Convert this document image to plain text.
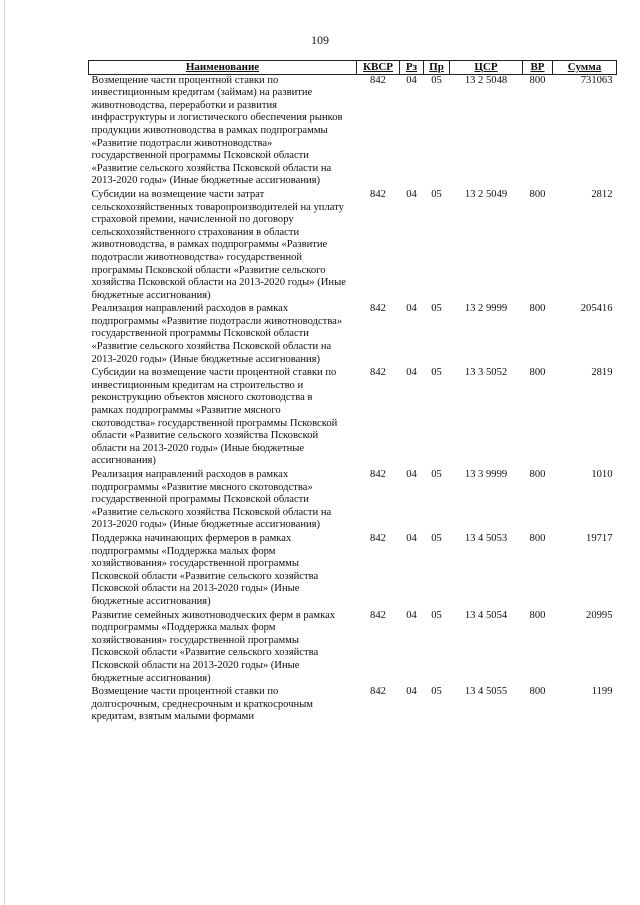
109
Наименование	КВСР	Рз	Пр	ЦСР	ВР	Сумма
Возмещение части процентной ставки по инвестиционным кредитам (займам) на развитие животноводства, переработки и развития инфраструктуры и логистического обеспечения рынков продукции животноводства в рамках подпрограммы «Развитие подотрасли животноводства» государственной программы Псковской области «Развитие сельского хозяйства Псковской области на 2013-2020 годы» (Иные бюджетные ассигнования)	842	04	05	13 2 5048	800	731063
Субсидии на возмещение части затрат сельскохозяйственных товаропроизводителей на уплату страховой премии, начисленной по договору сельскохозяйственного страхования в области животноводства, в рамках подпрограммы «Развитие подотрасли животноводства» государственной программы Псковской области «Развитие сельского хозяйства Псковской области на 2013-2020 годы» (Иные бюджетные ассигнования)	842	04	05	13 2 5049	800	2812
Реализация направлений расходов в рамках подпрограммы «Развитие подотрасли животноводства» государственной программы Псковской области «Развитие сельского хозяйства Псковской области на 2013-2020 годы» (Иные бюджетные ассигнования)	842	04	05	13 2 9999	800	205416
Субсидии на возмещение части процентной ставки по инвестиционным кредитам на строительство и реконструкцию объектов мясного скотоводства в рамках подпрограммы «Развитие мясного скотоводства» государственной программы Псковской области «Развитие сельского хозяйства Псковской области на 2013-2020 годы» (Иные бюджетные ассигнования)	842	04	05	13 3 5052	800	2819
Реализация направлений расходов в рамках подпрограммы «Развитие мясного скотоводства» государственной программы Псковской области «Развитие сельского хозяйства Псковской области на 2013-2020 годы» (Иные бюджетные ассигнования)	842	04	05	13 3 9999	800	1010
Поддержка начинающих фермеров в рамках подпрограммы «Поддержка малых форм хозяйствования» государственной программы Псковской области «Развитие сельского хозяйства Псковской области на 2013-2020 годы» (Иные бюджетные ассигнования)	842	04	05	13 4 5053	800	19717
Развитие семейных животноводческих ферм в рамках подпрограммы «Поддержка малых форм хозяйствования» государственной программы Псковской области «Развитие сельского хозяйства Псковской области на 2013-2020 годы» (Иные бюджетные ассигнования)	842	04	05	13 4 5054	800	20995
Возмещение части процентной ставки по долгосрочным, среднесрочным и краткосрочным кредитам, взятым малыми формами	842	04	05	13 4 5055	800	1199
